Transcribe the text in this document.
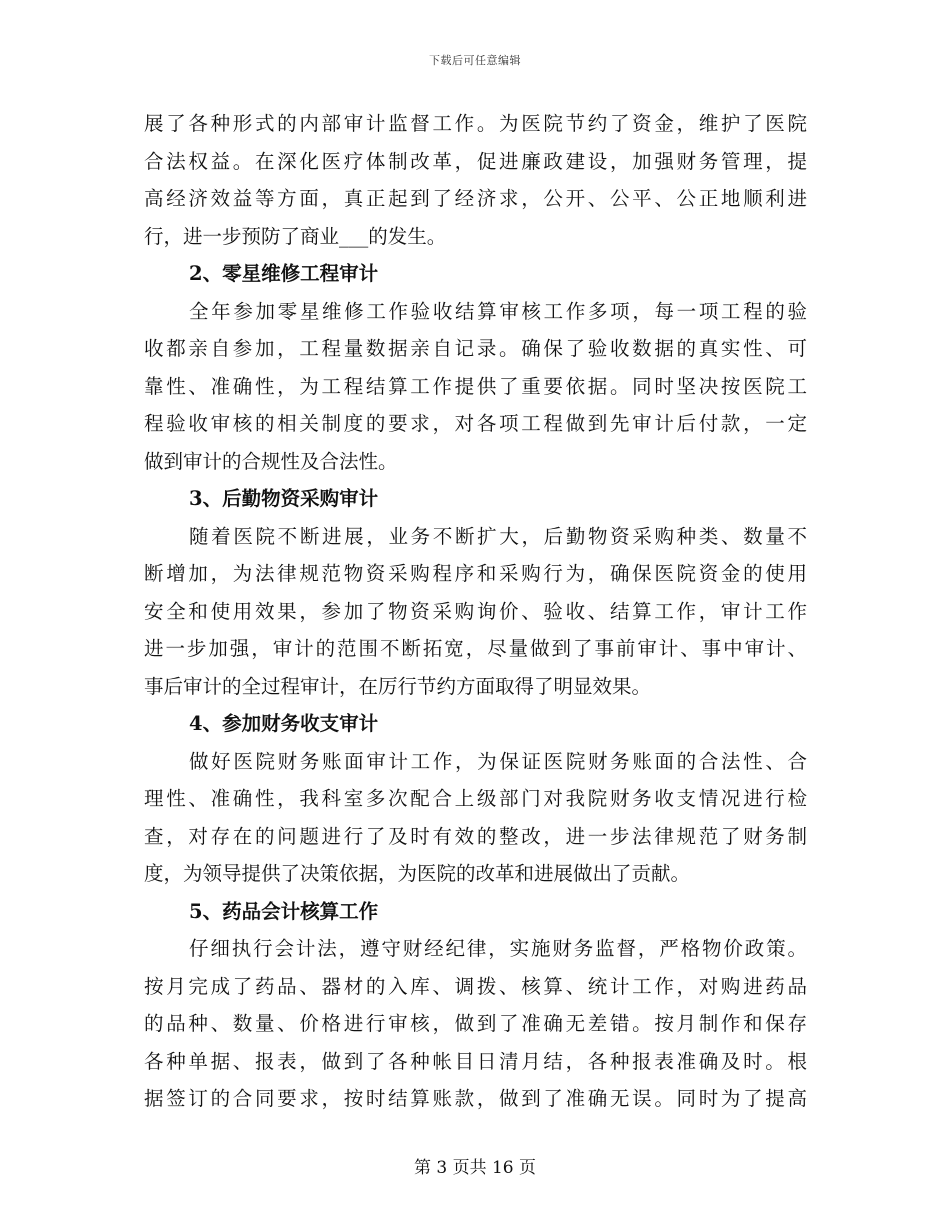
下载后可任意编辑
展了各种形式的内部审计监督工作。为医院节约了资金，维护了医院
合法权益。在深化医疗体制改革，促进廉政建设，加强财务管理，提
高经济效益等方面，真正起到了经济求，公开、公平、公正地顺利进
行，进一步预防了商业___的发生。
2、零星维修工程审计
全年参加零星维修工作验收结算审核工作多项，每一项工程的验
收都亲自参加，工程量数据亲自记录。确保了验收数据的真实性、可
靠性、准确性，为工程结算工作提供了重要依据。同时坚决按医院工
程验收审核的相关制度的要求，对各项工程做到先审计后付款，一定
做到审计的合规性及合法性。
3、后勤物资采购审计
随着医院不断进展，业务不断扩大，后勤物资采购种类、数量不
断增加，为法律规范物资采购程序和采购行为，确保医院资金的使用
安全和使用效果，参加了物资采购询价、验收、结算工作，审计工作
进一步加强，审计的范围不断拓宽，尽量做到了事前审计、事中审计、
事后审计的全过程审计，在厉行节约方面取得了明显效果。
4、参加财务收支审计
做好医院财务账面审计工作，为保证医院财务账面的合法性、合
理性、准确性，我科室多次配合上级部门对我院财务收支情况进行检
查，对存在的问题进行了及时有效的整改，进一步法律规范了财务制
度，为领导提供了决策依据，为医院的改革和进展做出了贡献。
5、药品会计核算工作
仔细执行会计法，遵守财经纪律，实施财务监督，严格物价政策。
按月完成了药品、器材的入库、调拨、核算、统计工作，对购进药品
的品种、数量、价格进行审核，做到了准确无差错。按月制作和保存
各种单据、报表，做到了各种帐目日清月结，各种报表准确及时。根
据签订的合同要求，按时结算账款，做到了准确无误。同时为了提高
第 3 页共 16 页
